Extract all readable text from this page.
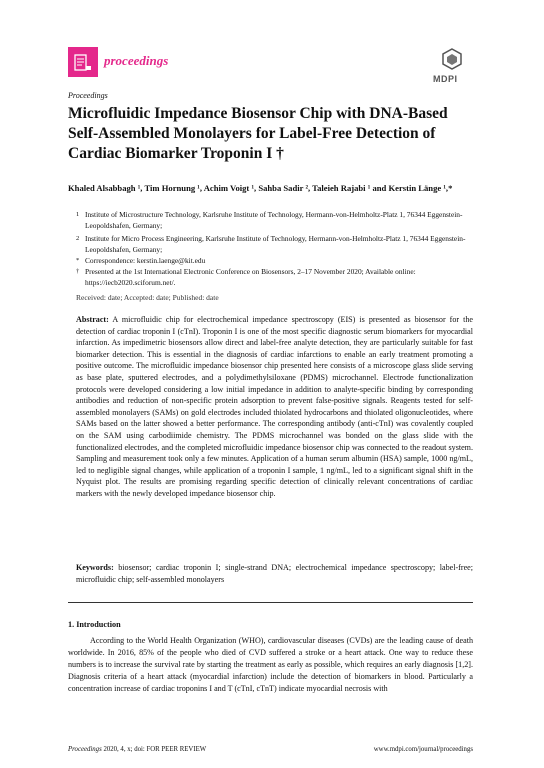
proceedings
MDPI
Proceedings
Microfluidic Impedance Biosensor Chip with DNA-Based Self-Assembled Monolayers for Label-Free Detection of Cardiac Biomarker Troponin I †
Khaled Alsabbagh ¹, Tim Hornung ¹, Achim Voigt ¹, Sahba Sadir ², Taleieh Rajabi ¹ and Kerstin Länge ¹,*
1 Institute of Microstructure Technology, Karlsruhe Institute of Technology, Hermann-von-Helmholtz-Platz 1, 76344 Eggenstein-Leopoldshafen, Germany;
2 Institute for Micro Process Engineering, Karlsruhe Institute of Technology, Hermann-von-Helmholtz-Platz 1, 76344 Eggenstein-Leopoldshafen, Germany;
* Correspondence: kerstin.laenge@kit.edu
† Presented at the 1st International Electronic Conference on Biosensors, 2–17 November 2020; Available online: https://iecb2020.sciforum.net/.
Received: date; Accepted: date; Published: date

Abstract: A microfluidic chip for electrochemical impedance spectroscopy (EIS) is presented as biosensor for the detection of cardiac troponin I (cTnI). Troponin I is one of the most specific diagnostic serum biomarkers for myocardial infarction. As impedimetric biosensors allow direct and label-free analyte detection, they are particularly suitable for fast biomarker detection. This is essential in the diagnosis of cardiac infarctions to enable an early treatment promoting a positive outcome. The microfluidic impedance biosensor chip presented here consists of a microscope glass slide serving as base plate, sputtered electrodes, and a polydimethylsiloxane (PDMS) microchannel. Electrode functionalization protocols were developed considering a low initial impedance in addition to analyte-specific binding by corresponding antibodies and reduction of non-specific protein adsorption to prevent false-positive signals. Reagents tested for self-assembled monolayers (SAMs) on gold electrodes included thiolated hydrocarbons and thiolated oligonucleotides, where SAMs based on the latter showed a better performance. The corresponding antibody (anti-cTnI) was covalently coupled on the SAM using carbodiimide chemistry. The PDMS microchannel was bonded on the glass slide with the functionalized electrodes, and the completed microfluidic impedance biosensor chip was connected to the readout system. Sampling and measurement took only a few minutes. Application of a human serum albumin (HSA) sample, 1000 ng/mL, led to negligible signal changes, while application of a troponin I sample, 1 ng/mL, led to a significant signal shift in the Nyquist plot. The results are promising regarding specific detection of clinically relevant concentrations of cardiac markers with the newly developed impedance biosensor chip.

Keywords: biosensor; cardiac troponin I; single-strand DNA; electrochemical impedance spectroscopy; label-free; microfluidic chip; self-assembled monolayers

1. Introduction

According to the World Health Organization (WHO), cardiovascular diseases (CVDs) are the leading cause of death worldwide. In 2016, 85% of the people who died of CVD suffered a stroke or a heart attack. One way to reduce these numbers is to increase the survival rate by starting the treatment as early as possible, which requires an early diagnosis [1,2]. Diagnosis criteria of a heart attack (myocardial infarction) include the detection of biomarkers in blood. Particularly a concentration increase of cardiac troponins I and T (cTnI, cTnT) indicate myocardial necrosis with

Proceedings 2020, 4, x; doi: FOR PEER REVIEW	www.mdpi.com/journal/proceedings
